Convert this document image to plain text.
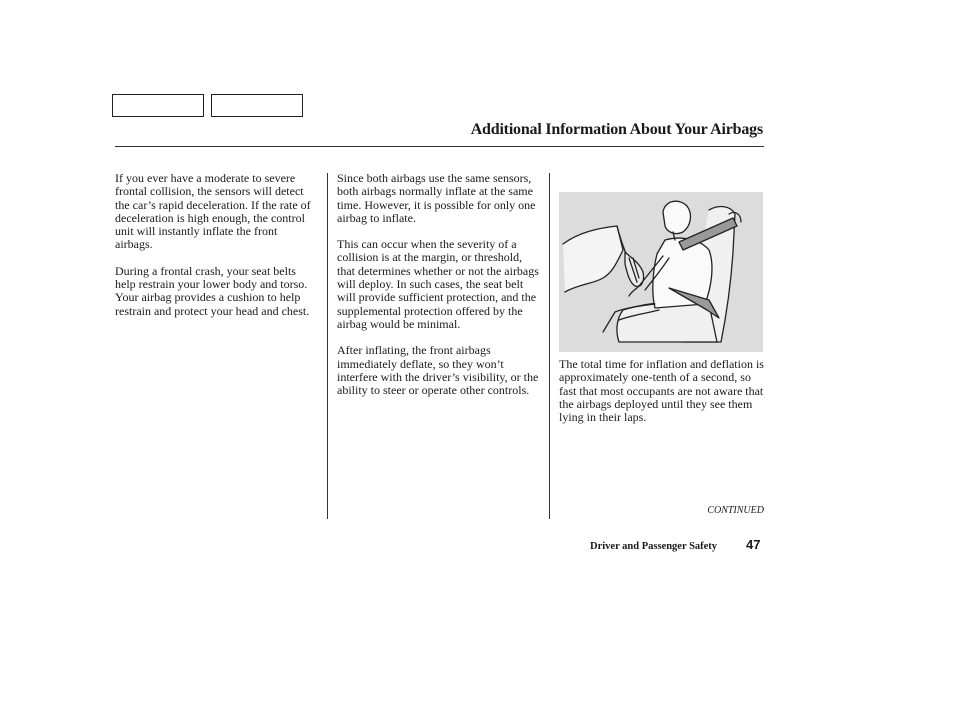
Additional Information About Your Airbags

If you ever have a moderate to severe frontal collision, the sensors will detect the car’s rapid deceleration. If the rate of deceleration is high enough, the control unit will instantly inflate the front airbags.

During a frontal crash, your seat belts help restrain your lower body and torso. Your airbag provides a cushion to help restrain and protect your head and chest.

Since both airbags use the same sensors, both airbags normally inflate at the same time. However, it is possible for only one airbag to inflate.

This can occur when the severity of a collision is at the margin, or threshold, that determines whether or not the airbags will deploy. In such cases, the seat belt will provide sufficient protection, and the supplemental protection offered by the airbag would be minimal.

After inflating, the front airbags immediately deflate, so they won’t interfere with the driver’s visibility, or the ability to steer or operate other controls.

The total time for inflation and deflation is approximately one-tenth of a second, so fast that most occupants are not aware that the airbags deployed until they see them lying in their laps.

CONTINUED
Driver and Passenger Safety 47
